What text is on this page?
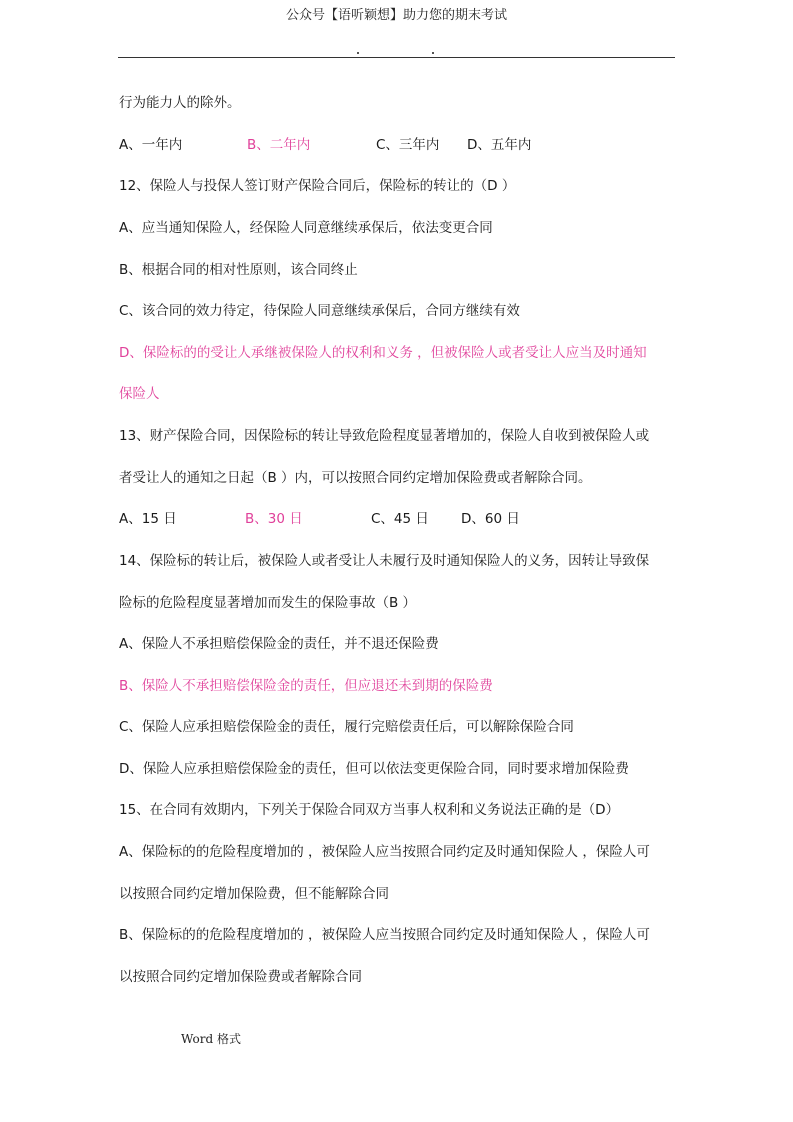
公众号【语听颖想】助力您的期末考试
行为能力人的除外。
A、一年内	B、二年内	C、三年内 D、五年内
12、保险人与投保人签订财产保险合同后，保险标的转让的（D ）
A、应当通知保险人，经保险人同意继续承保后，依法变更合同
B、根据合同的相对性原则，该合同终止
C、该合同的效力待定，待保险人同意继续承保后，合同方继续有效
D、保险标的的受让人承继被保险人的权利和义务 ，但被保险人或者受让人应当及时通知
保险人
13、财产保险合同，因保险标的转让导致危险程度显著增加的，保险人自收到被保险人或
者受让人的通知之日起（B ）内，可以按照合同约定增加保险费或者解除合同。
A、15 日	B、30 日	C、45 日 D、60 日
14、保险标的转让后，被保险人或者受让人未履行及时通知保险人的义务，因转让导致保
险标的危险程度显著增加而发生的保险事故（B ）
A、保险人不承担赔偿保险金的责任，并不退还保险费
B、保险人不承担赔偿保险金的责任，但应退还未到期的保险费
C、保险人应承担赔偿保险金的责任，履行完赔偿责任后，可以解除保险合同
D、保险人应承担赔偿保险金的责任，但可以依法变更保险合同，同时要求增加保险费
15、在合同有效期内，下列关于保险合同双方当事人权利和义务说法正确的是（D）
A、保险标的的危险程度增加的 ，被保险人应当按照合同约定及时通知保险人 ，保险人可
以按照合同约定增加保险费，但不能解除合同
B、保险标的的危险程度增加的 ，被保险人应当按照合同约定及时通知保险人 ，保险人可
以按照合同约定增加保险费或者解除合同
Word 格式
